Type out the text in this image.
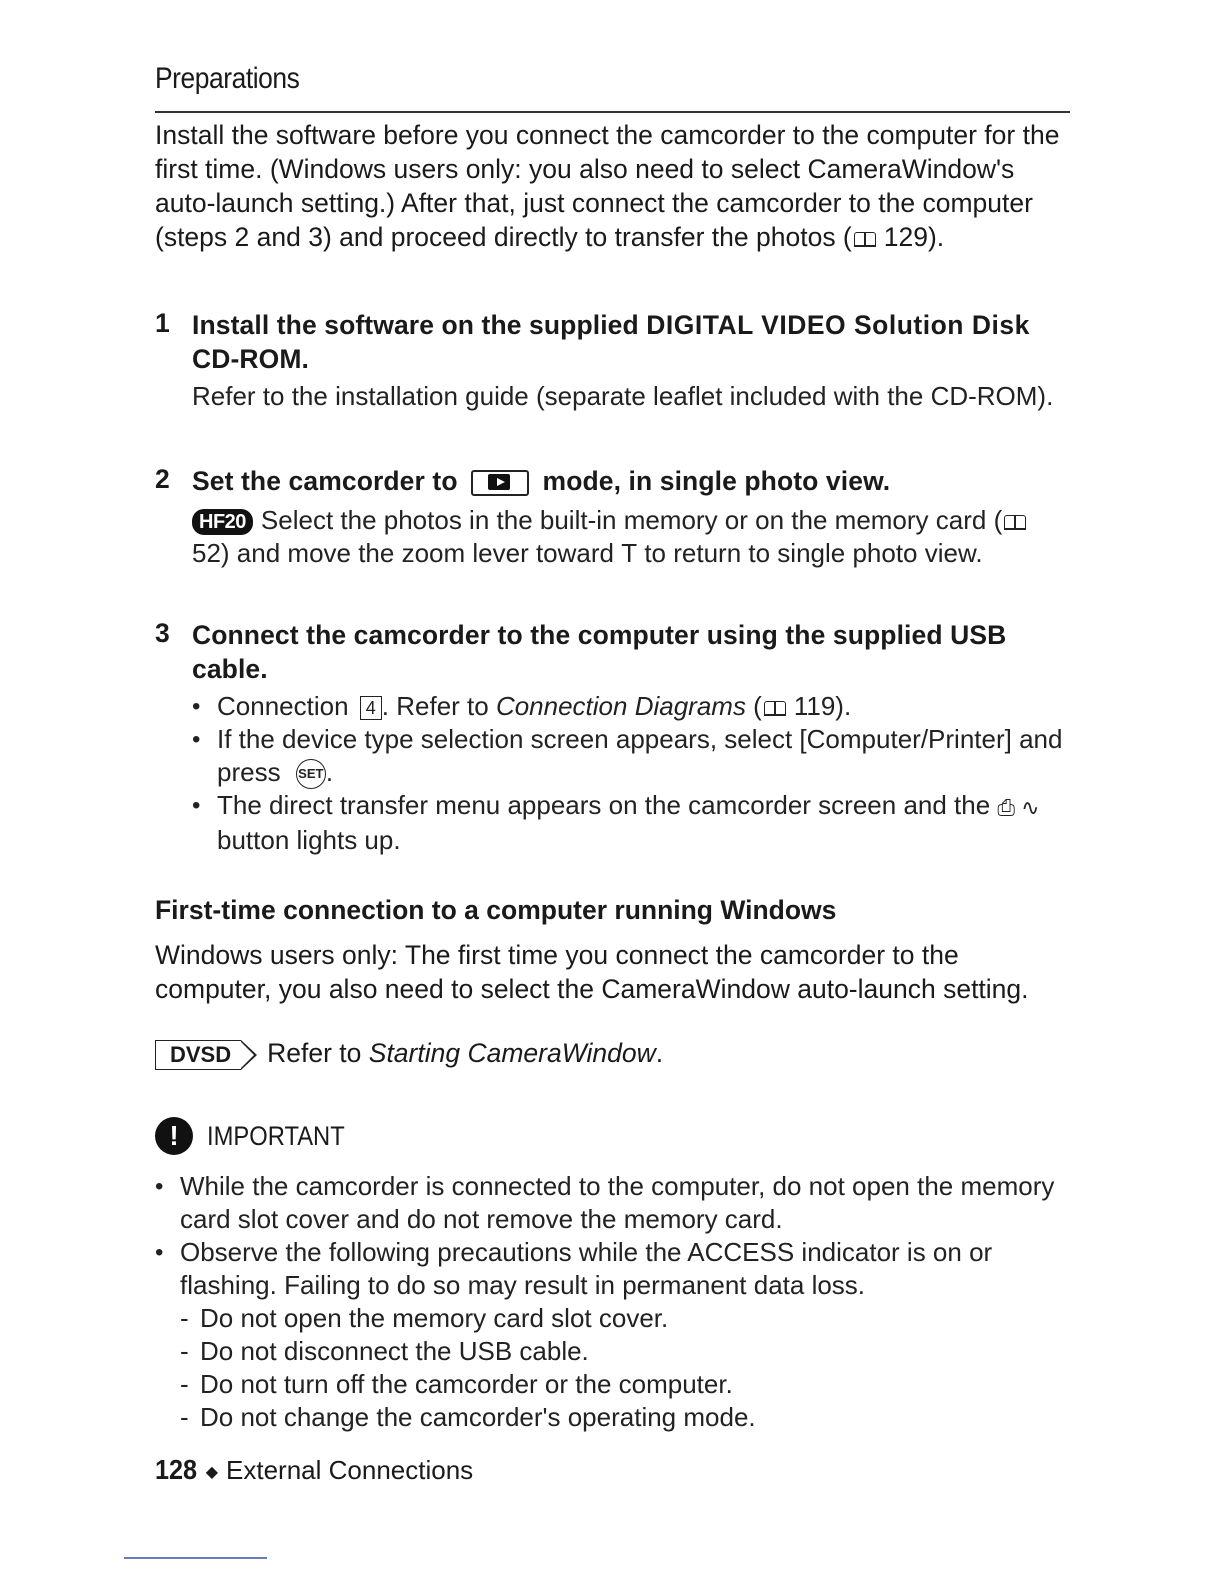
Preparations

Install the software before you connect the camcorder to the computer for the first time. (Windows users only: you also need to select CameraWindow's auto-launch setting.) After that, just connect the camcorder to the computer (steps 2 and 3) and proceed directly to transfer the photos ( 129).

1 Install the software on the supplied DIGITAL VIDEO Solution Disk CD-ROM.

Refer to the installation guide (separate leaflet included with the CD-ROM).

2 Set the camcorder to	mode, in single photo view.

HF20 Select the photos in the built-in memory or on the memory card (52) and move the zoom lever toward T to return to single photo view.

3 Connect the camcorder to the computer using the supplied USB cable.

• Connection 4 . Refer to Connection Diagrams ( 119).
• If the device type selection screen appears, select [Computer/Printer] and press SET.
• The direct transfer menu appears on the camcorder screen and the ⎙ ∿ button lights up.
First-time connection to a computer running Windows

Windows users only: The first time you connect the camcorder to the computer, you also need to select the CameraWindow auto-launch setting.

DVSD Refer to Starting CameraWindow.
!	IMPORTANT
• While the camcorder is connected to the computer, do not open the memory card slot cover and do not remove the memory card.
• Observe the following precautions while the ACCESS indicator is on or flashing. Failing to do so may result in permanent data loss.
- Do not open the memory card slot cover.
- Do not disconnect the USB cable.
- Do not turn off the camcorder or the computer.
- Do not change the camcorder's operating mode.
128 ◆ External Connections
